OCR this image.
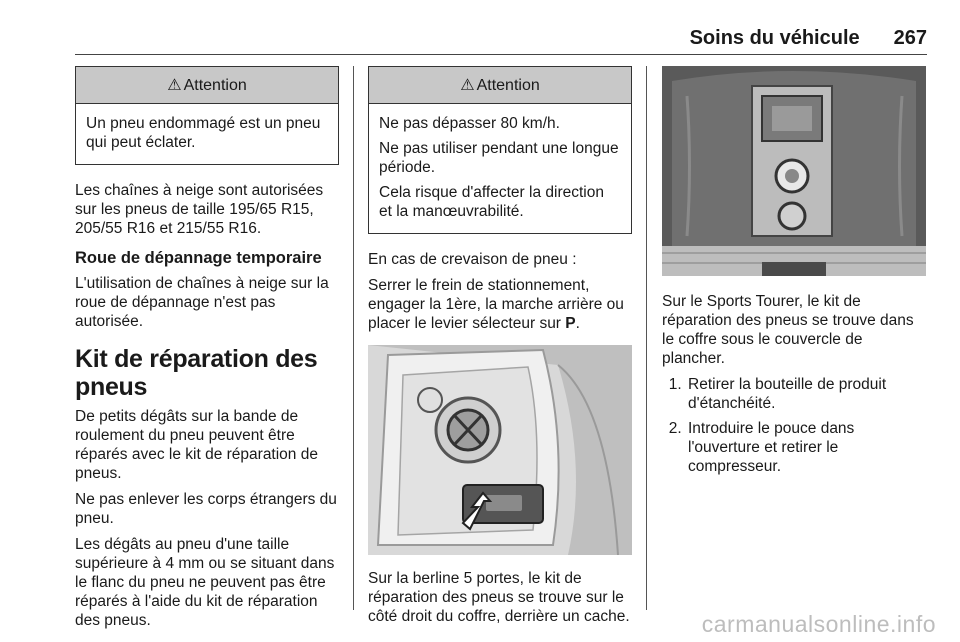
Soins du véhicule 267
⚠ Attention

Un pneu endommagé est un pneu qui peut éclater.

Les chaînes à neige sont autorisées sur les pneus de taille 195/65 R15, 205/55 R16 et 215/55 R16.

Roue de dépannage temporaire

L'utilisation de chaînes à neige sur la roue de dépannage n'est pas autorisée.

Kit de réparation des pneus

De petits dégâts sur la bande de roulement du pneu peuvent être réparés avec le kit de réparation de pneus.

Ne pas enlever les corps étrangers du pneu.

Les dégâts au pneu d'une taille supérieure à 4 mm ou se situant dans le flanc du pneu ne peuvent pas être réparés à l'aide du kit de réparation des pneus.

⚠ Attention

Ne pas dépasser 80 km/h.

Ne pas utiliser pendant une longue période.

Cela risque d'affecter la direction et la manœuvrabilité.

En cas de crevaison de pneu :

Serrer le frein de stationnement, engager la 1ère, la marche arrière ou placer le levier sélecteur sur P.

Sur la berline 5 portes, le kit de réparation des pneus se trouve sur le côté droit du coffre, derrière un cache.

Sur le Sports Tourer, le kit de réparation des pneus se trouve dans le coffre sous le couvercle de plancher.

1. Retirer la bouteille de produit d'étanchéité.
2. Introduire le pouce dans l'ouverture et retirer le compresseur.
carmanualsonline.info
